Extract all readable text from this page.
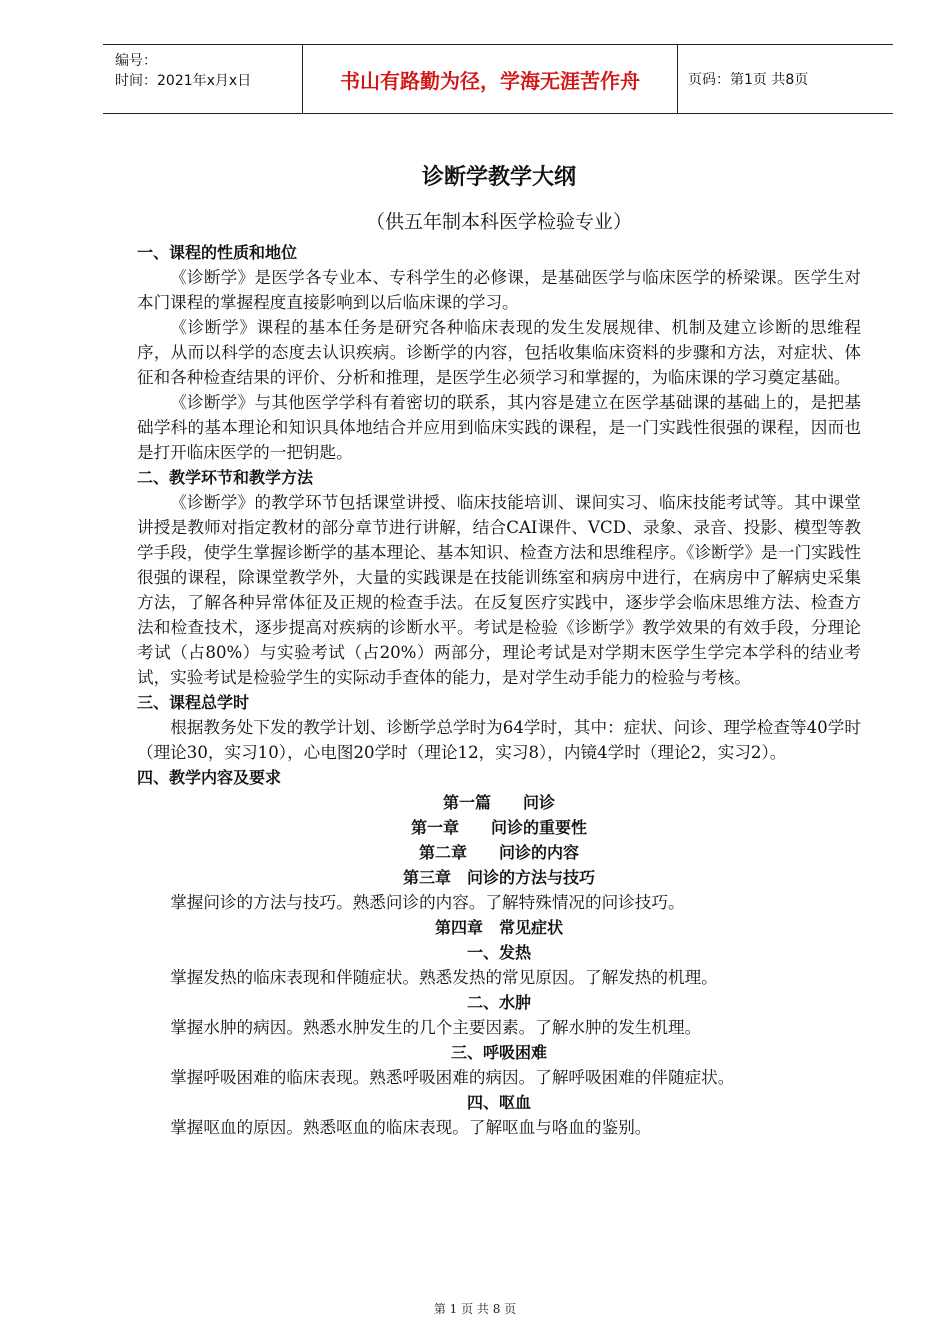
编号：
时间：2021年x月x日	书山有路勤为径，学海无涯苦作舟	页码：第1页 共8页
诊断学教学大纲
（供五年制本科医学检验专业）
一、课程的性质和地位
《诊断学》是医学各专业本、专科学生的必修课，是基础医学与临床医学的桥梁课。医学生对本门课程的掌握程度直接影响到以后临床课的学习。
《诊断学》课程的基本任务是研究各种临床表现的发生发展规律、机制及建立诊断的思维程序，从而以科学的态度去认识疾病。诊断学的内容，包括收集临床资料的步骤和方法，对症状、体征和各种检查结果的评价、分析和推理，是医学生必须学习和掌握的，为临床课的学习奠定基础。
《诊断学》与其他医学学科有着密切的联系，其内容是建立在医学基础课的基础上的，是把基础学科的基本理论和知识具体地结合并应用到临床实践的课程，是一门实践性很强的课程，因而也是打开临床医学的一把钥匙。
二、教学环节和教学方法
《诊断学》的教学环节包括课堂讲授、临床技能培训、课间实习、临床技能考试等。其中课堂讲授是教师对指定教材的部分章节进行讲解，结合CAI课件、VCD、录象、录音、投影、模型等教学手段，使学生掌握诊断学的基本理论、基本知识、检查方法和思维程序。《诊断学》是一门实践性很强的课程，除课堂教学外，大量的实践课是在技能训练室和病房中进行，在病房中了解病史采集方法，了解各种异常体征及正规的检查手法。在反复医疗实践中，逐步学会临床思维方法、检查方法和检查技术，逐步提高对疾病的诊断水平。考试是检验《诊断学》教学效果的有效手段，分理论考试（占80%）与实验考试（占20%）两部分，理论考试是对学期末医学生学完本学科的结业考试，实验考试是检验学生的实际动手查体的能力，是对学生动手能力的检验与考核。
三、课程总学时
根据教务处下发的教学计划、诊断学总学时为64学时，其中：症状、问诊、理学检查等40学时（理论30，实习10），心电图20学时（理论12，实习8），内镜4学时（理论2，实习2）。
四、教学内容及要求
第一篇　　问诊
第一章　　问诊的重要性
第二章　　问诊的内容
第三章　问诊的方法与技巧
掌握问诊的方法与技巧。熟悉问诊的内容。了解特殊情况的问诊技巧。
第四章　常见症状
一、发热
掌握发热的临床表现和伴随症状。熟悉发热的常见原因。了解发热的机理。
二、水肿
掌握水肿的病因。熟悉水肿发生的几个主要因素。了解水肿的发生机理。
三、呼吸困难
掌握呼吸困难的临床表现。熟悉呼吸困难的病因。了解呼吸困难的伴随症状。
四、呕血
掌握呕血的原因。熟悉呕血的临床表现。了解呕血与咯血的鉴别。
第 1 页 共 8 页
